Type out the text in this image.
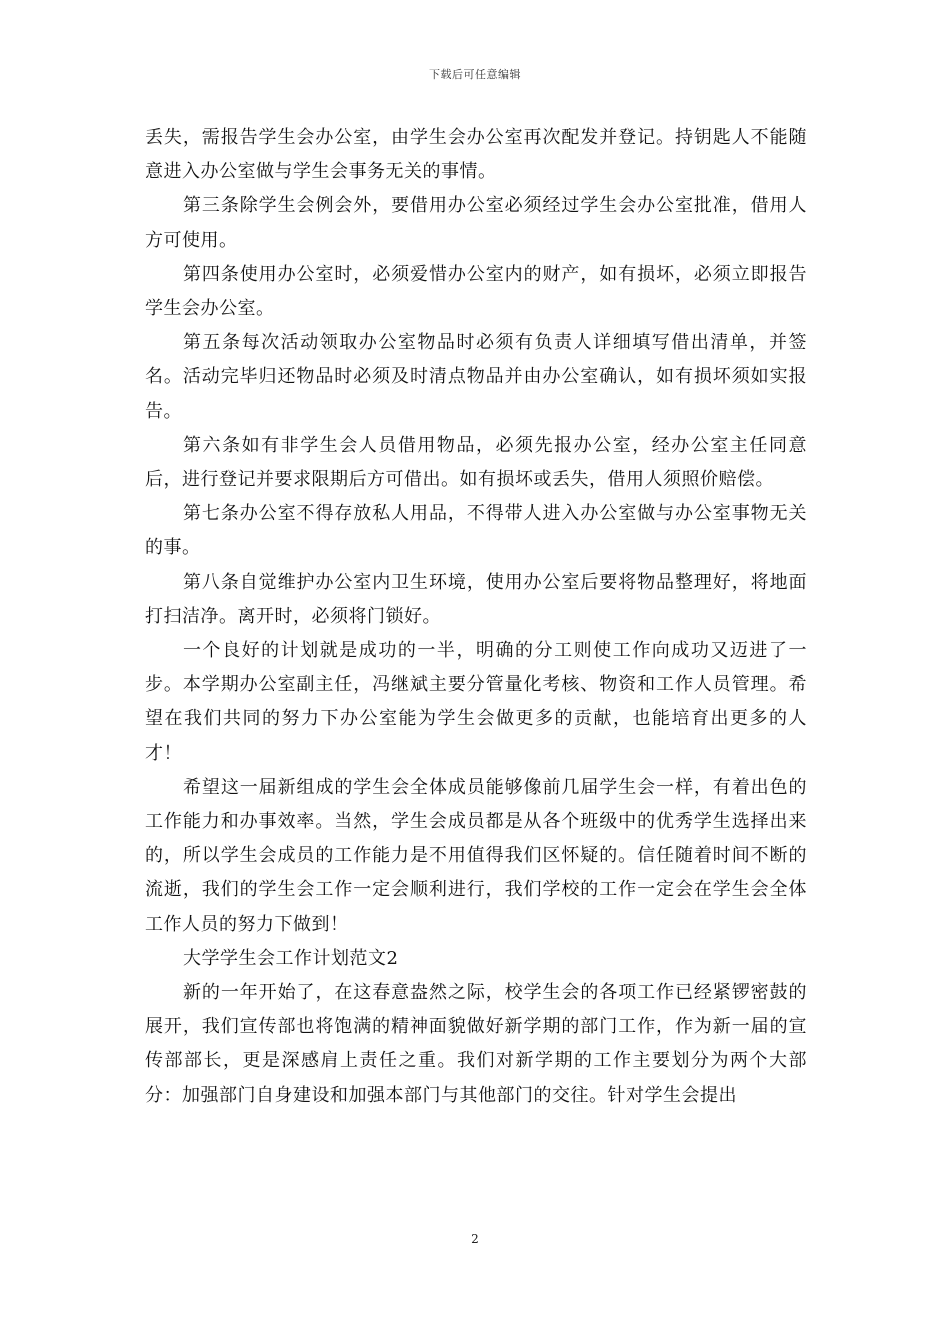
下载后可任意编辑

丢失，需报告学生会办公室，由学生会办公室再次配发并登记。持钥匙人不能随意进入办公室做与学生会事务无关的事情。

第三条除学生会例会外，要借用办公室必须经过学生会办公室批准，借用人方可使用。

第四条使用办公室时，必须爱惜办公室内的财产，如有损坏，必须立即报告学生会办公室。

第五条每次活动领取办公室物品时必须有负责人详细填写借出清单，并签名。活动完毕归还物品时必须及时清点物品并由办公室确认，如有损坏须如实报告。

第六条如有非学生会人员借用物品，必须先报办公室，经办公室主任同意后，进行登记并要求限期后方可借出。如有损坏或丢失，借用人须照价赔偿。

第七条办公室不得存放私人用品，不得带人进入办公室做与办公室事物无关的事。

第八条自觉维护办公室内卫生环境，使用办公室后要将物品整理好，将地面打扫洁净。离开时，必须将门锁好。

一个良好的计划就是成功的一半，明确的分工则使工作向成功又迈进了一步。本学期办公室副主任，冯继斌主要分管量化考核、物资和工作人员管理。希望在我们共同的努力下办公室能为学生会做更多的贡献，也能培育出更多的人才！

希望这一届新组成的学生会全体成员能够像前几届学生会一样，有着出色的工作能力和办事效率。当然，学生会成员都是从各个班级中的优秀学生选择出来的，所以学生会成员的工作能力是不用值得我们区怀疑的。信任随着时间不断的流逝，我们的学生会工作一定会顺利进行，我们学校的工作一定会在学生会全体工作人员的努力下做到！

大学学生会工作计划范文2

新的一年开始了，在这春意盎然之际，校学生会的各项工作已经紧锣密鼓的展开，我们宣传部也将饱满的精神面貌做好新学期的部门工作，作为新一届的宣传部部长，更是深感肩上责任之重。我们对新学期的工作主要划分为两个大部分：加强部门自身建设和加强本部门与其他部门的交往。针对学生会提出

2
